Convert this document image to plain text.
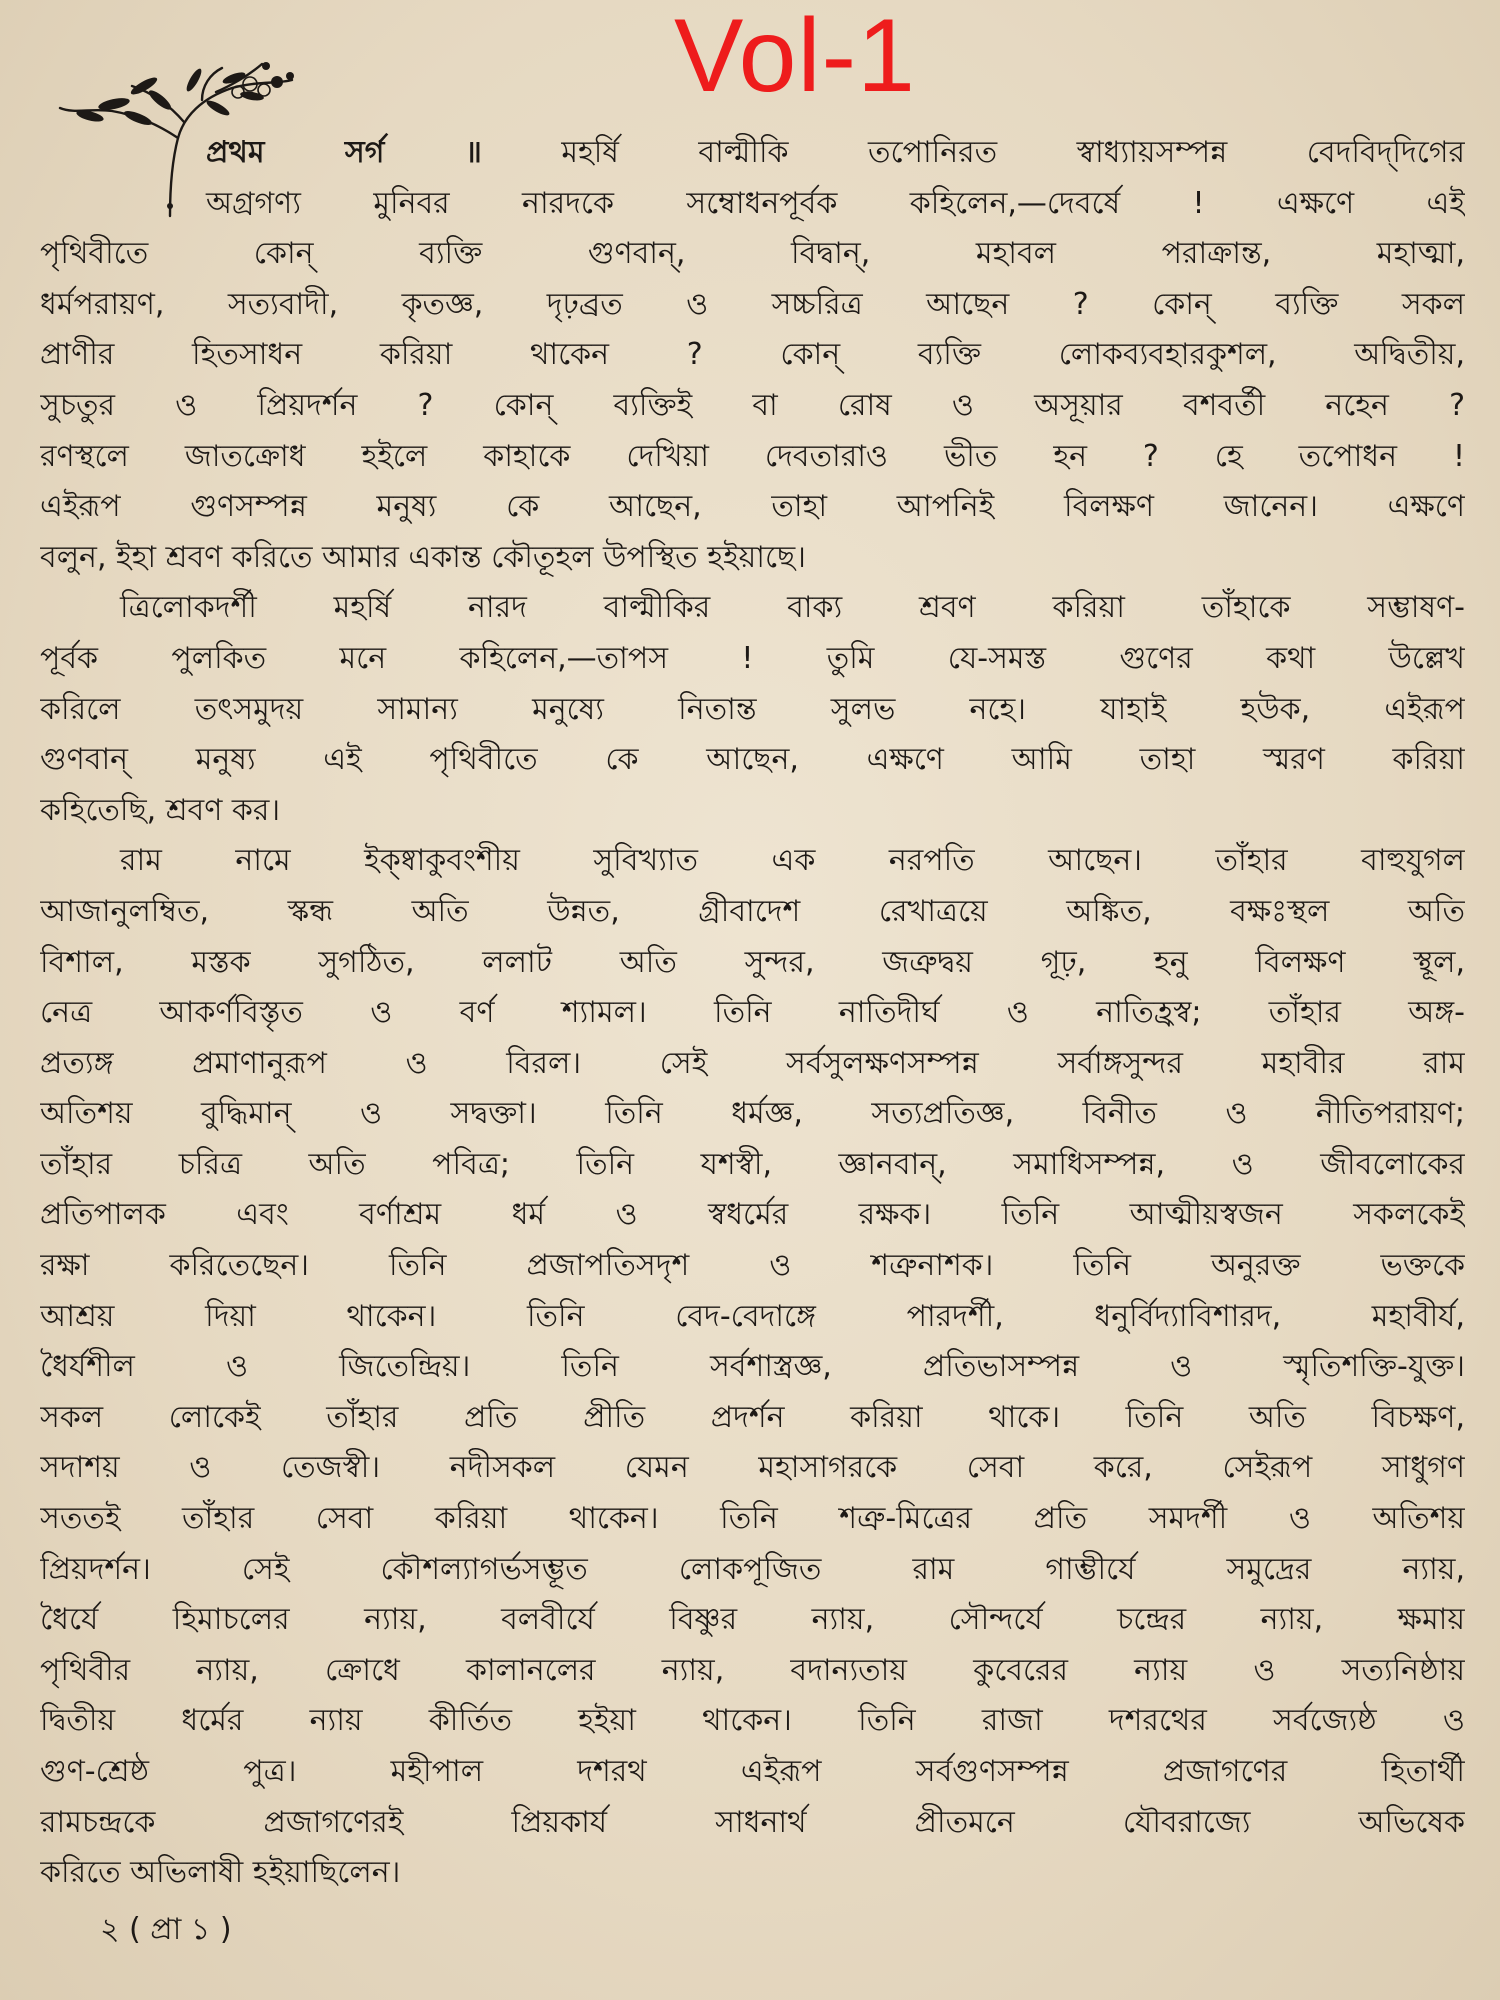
Vol-1
প্রথম সর্গ ॥	মহর্ষি বাল্মীকি তপোনিরত স্বাধ্যায়সম্পন্ন বেদবিদ্‌দিগের
অগ্রগণ্য মুনিবর নারদকে সম্বোধনপূর্বক কহিলেন,—দেবর্ষে ! এক্ষণে এই
পৃথিবীতে কোন্ ব্যক্তি গুণবান্, বিদ্বান্, মহাবল পরাক্রান্ত, মহাত্মা,
ধর্মপরায়ণ, সত্যবাদী, কৃতজ্ঞ, দৃঢ়ব্রত ও সচ্চরিত্র আছেন ? কোন্ ব্যক্তি সকল
প্রাণীর হিতসাধন করিয়া থাকেন ? কোন্ ব্যক্তি লোকব্যবহারকুশল, অদ্বিতীয়,
সুচতুর ও প্রিয়দর্শন ? কোন্ ব্যক্তিই বা রোষ ও অসূয়ার বশবর্তী নহেন ?
রণস্থলে জাতক্রোধ হইলে কাহাকে দেখিয়া দেবতারাও ভীত হন ? হে তপোধন !
এইরূপ গুণসম্পন্ন মনুষ্য কে আছেন, তাহা আপনিই বিলক্ষণ জানেন। এক্ষণে
বলুন, ইহা শ্রবণ করিতে আমার একান্ত কৌতূহল উপস্থিত হইয়াছে।
ত্রিলোকদর্শী মহর্ষি নারদ বাল্মীকির বাক্য শ্রবণ করিয়া তাঁহাকে সম্ভাষণ-
পূর্বক পুলকিত মনে কহিলেন,—তাপস ! তুমি যে-সমস্ত গুণের কথা উল্লেখ
করিলে তৎসমুদয় সামান্য মনুষ্যে নিতান্ত সুলভ নহে। যাহাই হউক, এইরূপ
গুণবান্ মনুষ্য এই পৃথিবীতে কে আছেন, এক্ষণে আমি তাহা স্মরণ করিয়া
কহিতেছি, শ্রবণ কর।
রাম নামে ইক্ষ্বাকুবংশীয় সুবিখ্যাত এক নরপতি আছেন। তাঁহার বাহুযুগল
আজানুলম্বিত, স্কন্ধ অতি উন্নত, গ্রীবাদেশ রেখাত্রয়ে অঙ্কিত, বক্ষঃস্থল অতি
বিশাল, মস্তক সুগঠিত, ললাট অতি সুন্দর, জত্রুদ্বয় গূঢ়, হনু বিলক্ষণ স্থূল,
নেত্র আকর্ণবিস্তৃত ও বর্ণ শ্যামল। তিনি নাতিদীর্ঘ ও নাতিহ্রস্ব; তাঁহার অঙ্গ-
প্রত্যঙ্গ প্রমাণানুরূপ ও বিরল। সেই সর্বসুলক্ষণসম্পন্ন সর্বাঙ্গসুন্দর মহাবীর রাম
অতিশয় বুদ্ধিমান্ ও সদ্বক্তা। তিনি ধর্মজ্ঞ, সত্যপ্রতিজ্ঞ, বিনীত ও নীতিপরায়ণ;
তাঁহার চরিত্র অতি পবিত্র; তিনি যশস্বী, জ্ঞানবান্, সমাধিসম্পন্ন, ও জীবলোকের
প্রতিপালক এবং বর্ণাশ্রম ধর্ম ও স্বধর্মের রক্ষক। তিনি আত্মীয়স্বজন সকলকেই
রক্ষা করিতেছেন। তিনি প্রজাপতিসদৃশ ও শত্রুনাশক। তিনি অনুরক্ত ভক্তকে
আশ্রয় দিয়া থাকেন। তিনি বেদ-বেদাঙ্গে পারদর্শী, ধনুর্বিদ্যাবিশারদ, মহাবীর্য,
ধৈর্যশীল ও জিতেন্দ্রিয়। তিনি সর্বশাস্ত্রজ্ঞ, প্রতিভাসম্পন্ন ও স্মৃতিশক্তি-যুক্ত।
সকল লোকেই তাঁহার প্রতি প্রীতি প্রদর্শন করিয়া থাকে। তিনি অতি বিচক্ষণ,
সদাশয় ও তেজস্বী। নদীসকল যেমন মহাসাগরকে সেবা করে, সেইরূপ সাধুগণ
সততই তাঁহার সেবা করিয়া থাকেন। তিনি শত্রু-মিত্রের প্রতি সমদর্শী ও অতিশয়
প্রিয়দর্শন। সেই কৌশল্যাগর্ভসম্ভূত লোকপূজিত রাম গাম্ভীর্যে সমুদ্রের ন্যায়,
ধৈর্যে হিমাচলের ন্যায়, বলবীর্যে বিষ্ণুর ন্যায়, সৌন্দর্যে চন্দ্রের ন্যায়, ক্ষমায়
পৃথিবীর ন্যায়, ক্রোধে কালানলের ন্যায়, বদান্যতায় কুবেরের ন্যায় ও সত্যনিষ্ঠায়
দ্বিতীয় ধর্মের ন্যায় কীর্তিত হইয়া থাকেন। তিনি রাজা দশরথের সর্বজ্যেষ্ঠ ও
গুণ-শ্রেষ্ঠ পুত্র। মহীপাল দশরথ এইরূপ সর্বগুণসম্পন্ন প্রজাগণের হিতার্থী
রামচন্দ্রকে প্রজাগণেরই প্রিয়কার্য সাধনার্থ প্রীতমনে যৌবরাজ্যে অভিষেক
করিতে অভিলাষী হইয়াছিলেন।
২ ( প্রা ১ )
